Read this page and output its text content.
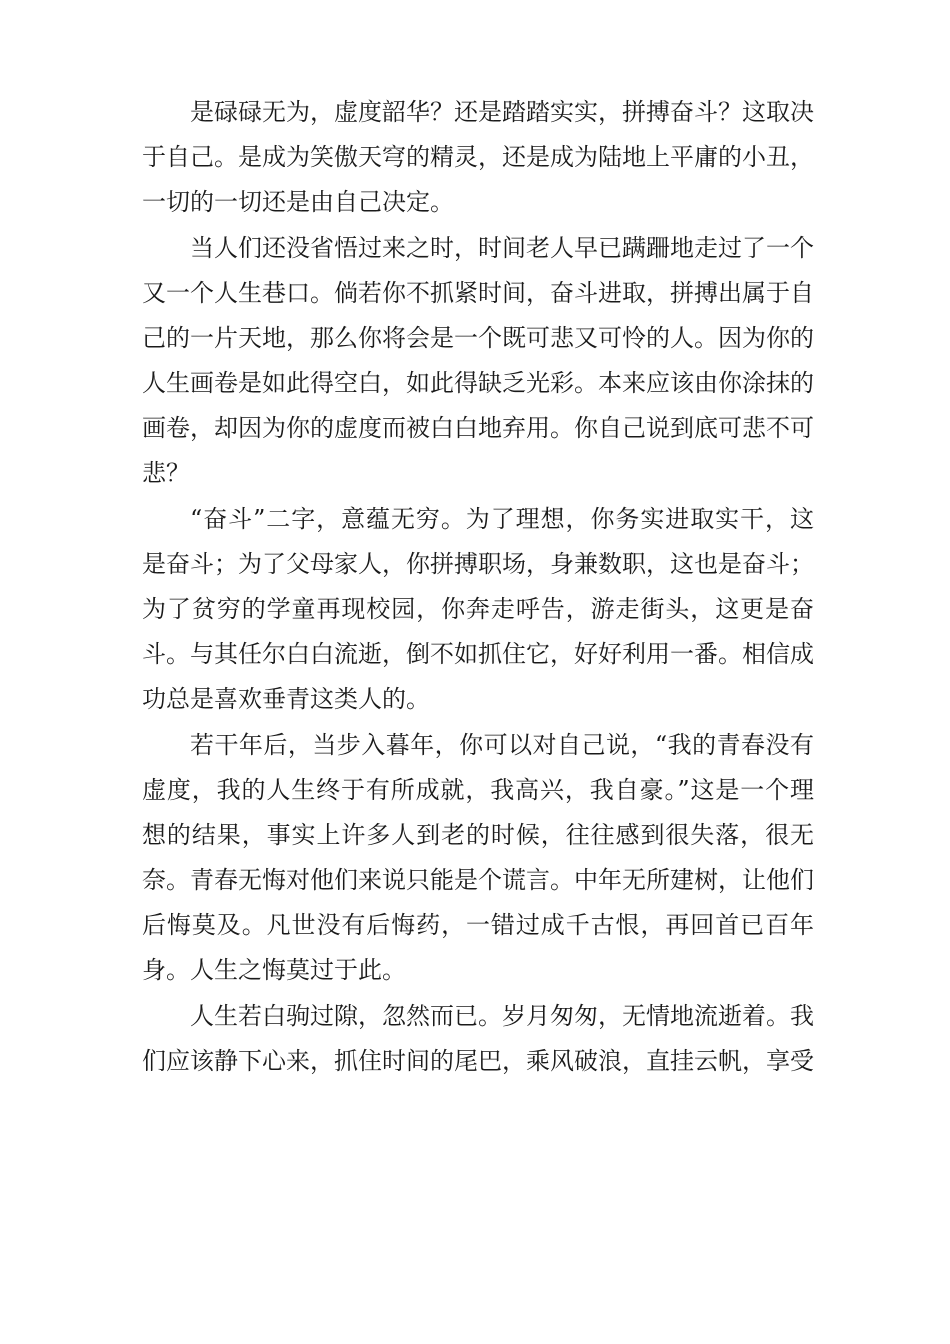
是碌碌无为，虚度韶华？还是踏踏实实，拼搏奋斗？这取决于自己。是成为笑傲天穹的精灵，还是成为陆地上平庸的小丑，一切的一切还是由自己决定。

当人们还没省悟过来之时，时间老人早已蹒跚地走过了一个又一个人生巷口。倘若你不抓紧时间，奋斗进取，拼搏出属于自己的一片天地，那么你将会是一个既可悲又可怜的人。因为你的人生画卷是如此得空白，如此得缺乏光彩。本来应该由你涂抹的画卷，却因为你的虚度而被白白地弃用。你自己说到底可悲不可悲？

“奋斗”二字，意蕴无穷。为了理想，你务实进取实干，这是奋斗；为了父母家人，你拼搏职场，身兼数职，这也是奋斗；为了贫穷的学童再现校园，你奔走呼告，游走街头，这更是奋斗。与其任尔白白流逝，倒不如抓住它，好好利用一番。相信成功总是喜欢垂青这类人的。

若干年后，当步入暮年，你可以对自己说，“我的青春没有虚度，我的人生终于有所成就，我高兴，我自豪。”这是一个理想的结果，事实上许多人到老的时候，往往感到很失落，很无奈。青春无悔对他们来说只能是个谎言。中年无所建树，让他们后悔莫及。凡世没有后悔药，一错过成千古恨，再回首已百年身。人生之悔莫过于此。

人生若白驹过隙，忽然而已。岁月匆匆，无情地流逝着。我们应该静下心来，抓住时间的尾巴，乘风破浪，直挂云帆，享受
